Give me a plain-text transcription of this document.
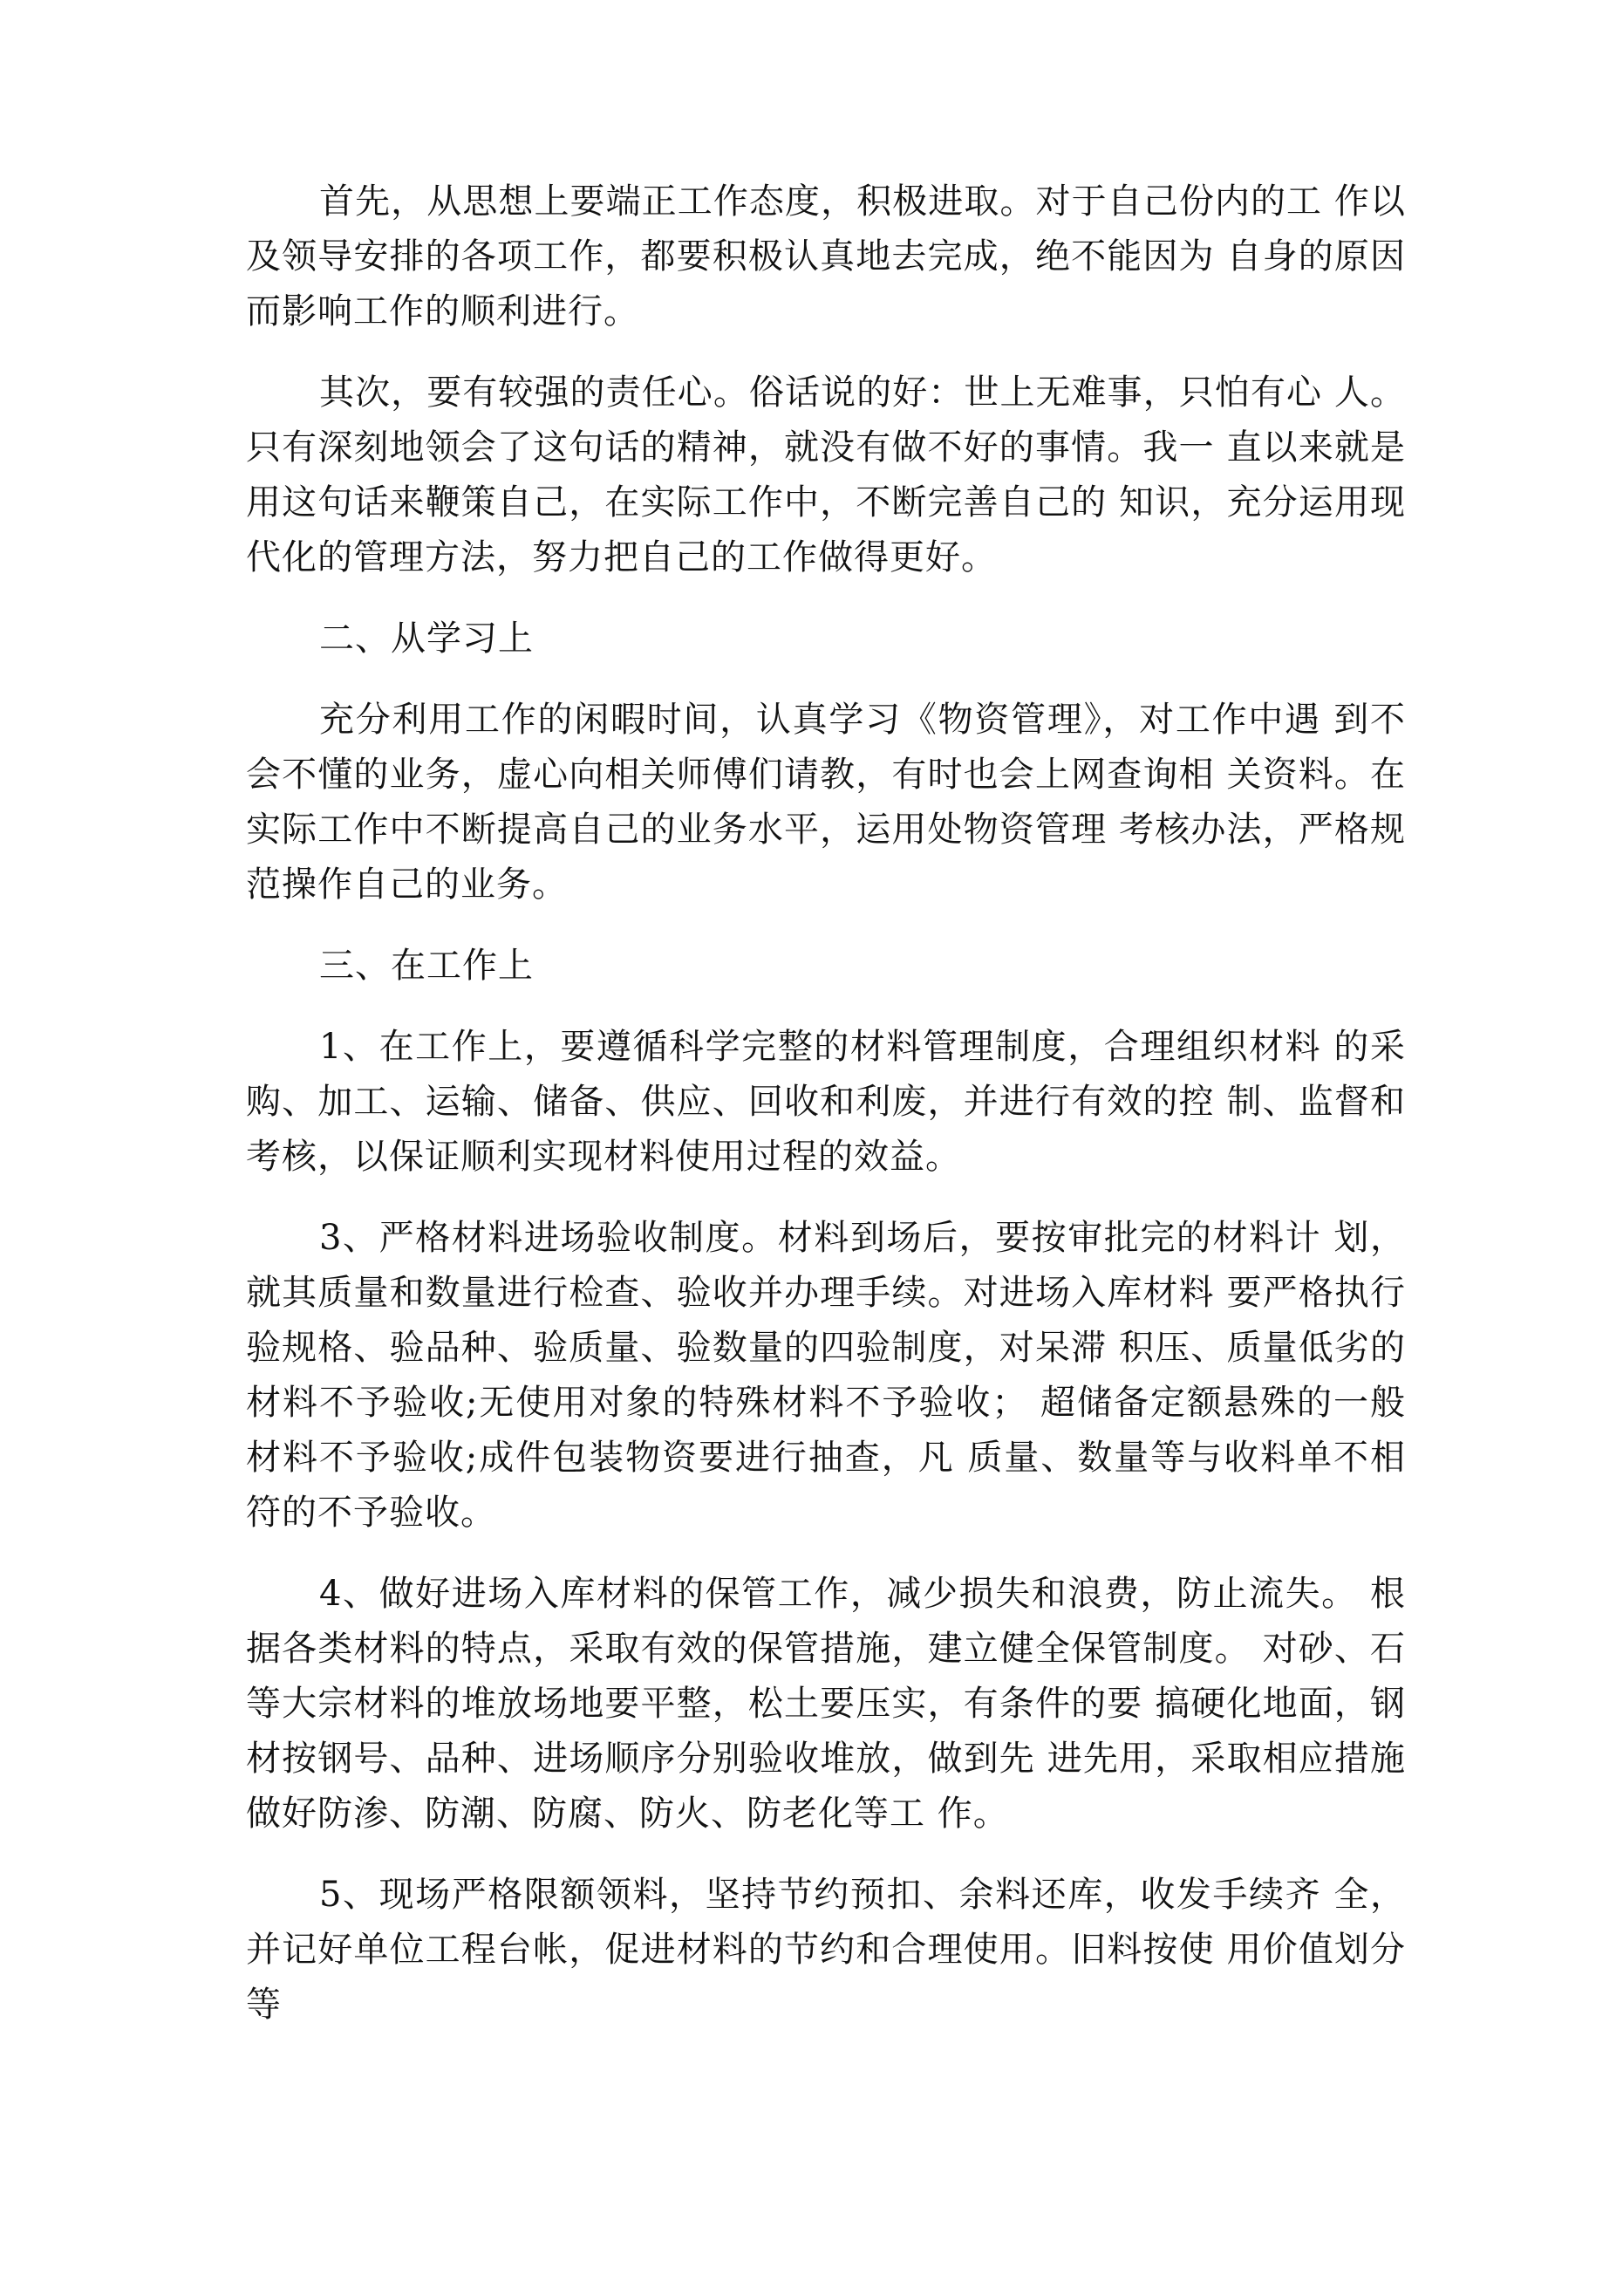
首先，从思想上要端正工作态度，积极进取。对于自己份内的工 作以及领导安排的各项工作，都要积极认真地去完成，绝不能因为 自身的原因而影响工作的顺利进行。

其次，要有较强的责任心。俗话说的好：世上无难事，只怕有心 人。只有深刻地领会了这句话的精神，就没有做不好的事情。我一 直以来就是用这句话来鞭策自己，在实际工作中，不断完善自己的 知识，充分运用现代化的管理方法，努力把自己的工作做得更好。

二、从学习上

充分利用工作的闲暇时间，认真学习《物资管理》，对工作中遇 到不会不懂的业务，虚心向相关师傅们请教，有时也会上网查询相 关资料。在实际工作中不断提高自己的业务水平，运用处物资管理 考核办法，严格规范操作自己的业务。

三、在工作上

1、在工作上，要遵循科学完整的材料管理制度，合理组织材料 的采购、加工、运输、储备、供应、回收和利废，并进行有效的控 制、监督和考核，以保证顺利实现材料使用过程的效益。

3、严格材料进场验收制度。材料到场后，要按审批完的材料计 划，就其质量和数量进行检查、验收并办理手续。对进场入库材料 要严格执行验规格、验品种、验质量、验数量的四验制度，对呆滞 积压、质量低劣的材料不予验收;无使用对象的特殊材料不予验收； 超储备定额悬殊的一般材料不予验收;成件包装物资要进行抽查，凡 质量、数量等与收料单不相符的不予验收。

4、做好进场入库材料的保管工作，减少损失和浪费，防止流失。 根据各类材料的特点，采取有效的保管措施，建立健全保管制度。 对砂、石等大宗材料的堆放场地要平整，松土要压实，有条件的要 搞硬化地面，钢材按钢号、品种、进场顺序分别验收堆放，做到先 进先用，采取相应措施做好防渗、防潮、防腐、防火、防老化等工 作。

5、现场严格限额领料，坚持节约预扣、余料还库，收发手续齐 全，并记好单位工程台帐，促进材料的节约和合理使用。旧料按使 用价值划分等
